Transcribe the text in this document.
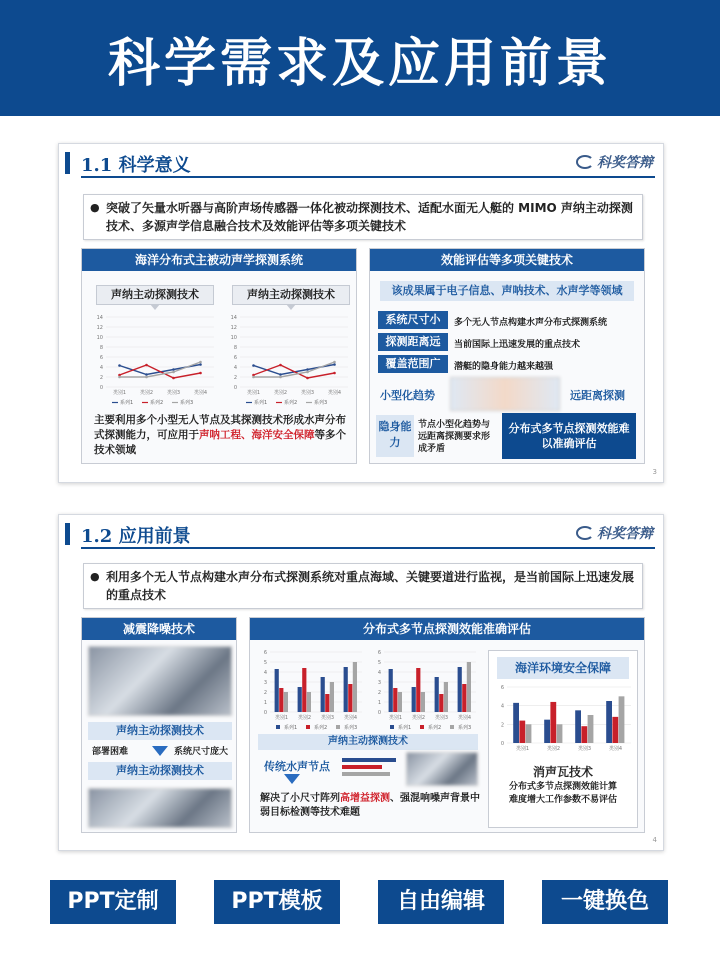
科学需求及应用前景
1.1 科学意义	科奖答辩
● 突破了矢量水听器与高阶声场传感器一体化被动探测技术、适配水面无人艇的 MIMO 声纳主动探测技术、多源声学信息融合技术及效能评估等多项关键技术
海洋分布式主被动声学探测系统
声纳主动探测技术	声纳主动探测技术
0
2
4
6
8
10
12
14
类别1	类别2	类别3	类别4
系列1	系列2	系列3
0
2
4
6
8
10
12
14
类别1	类别2	类别3	类别4
系列1	系列2	系列3
主要利用多个小型无人节点及其探测技术形成水声分布式探测能力，可应用于声呐工程、海洋安全保障等多个技术领域
效能评估等多项关键技术
该成果属于电子信息、声呐技术、水声学等领域
系统尺寸小	多个无人节点构建水声分布式探测系统
探测距离远	当前国际上迅速发展的重点技术
覆盖范围广	潜艇的隐身能力越来越强
小型化趋势	远距离探测
隐身能力
节点小型化趋势与远距离探测要求形成矛盾
分布式多节点探测效能难以准确评估
3
1.2 应用前景	科奖答辩
● 利用多个无人节点构建水声分布式探测系统对重点海域、关键要道进行监视，是当前国际上迅速发展的重点技术
减震降噪技术
声纳主动探测技术
部署困难	系统尺寸庞大
声纳主动探测技术
分布式多节点探测效能准确评估
0
1
2
3
4
5
6
类别1 类别2 类别3 类别4
系列1	系列2	系列3
0
1
2
3
4
5
6
类别1 类别2 类别3 类别4
系列1	系列2	系列3
声纳主动探测技术
传统水声节点
解决了小尺寸阵列高增益探测、强混响噪声背景中弱目标检测等技术难题
海洋环境安全保障
0
2
4
6
类别1	类别2	类别3	类别4
消声瓦技术
分布式多节点探测效能计算难度增大工作参数不易评估
4
PPT定制	PPT模板	自由编辑	一键换色
